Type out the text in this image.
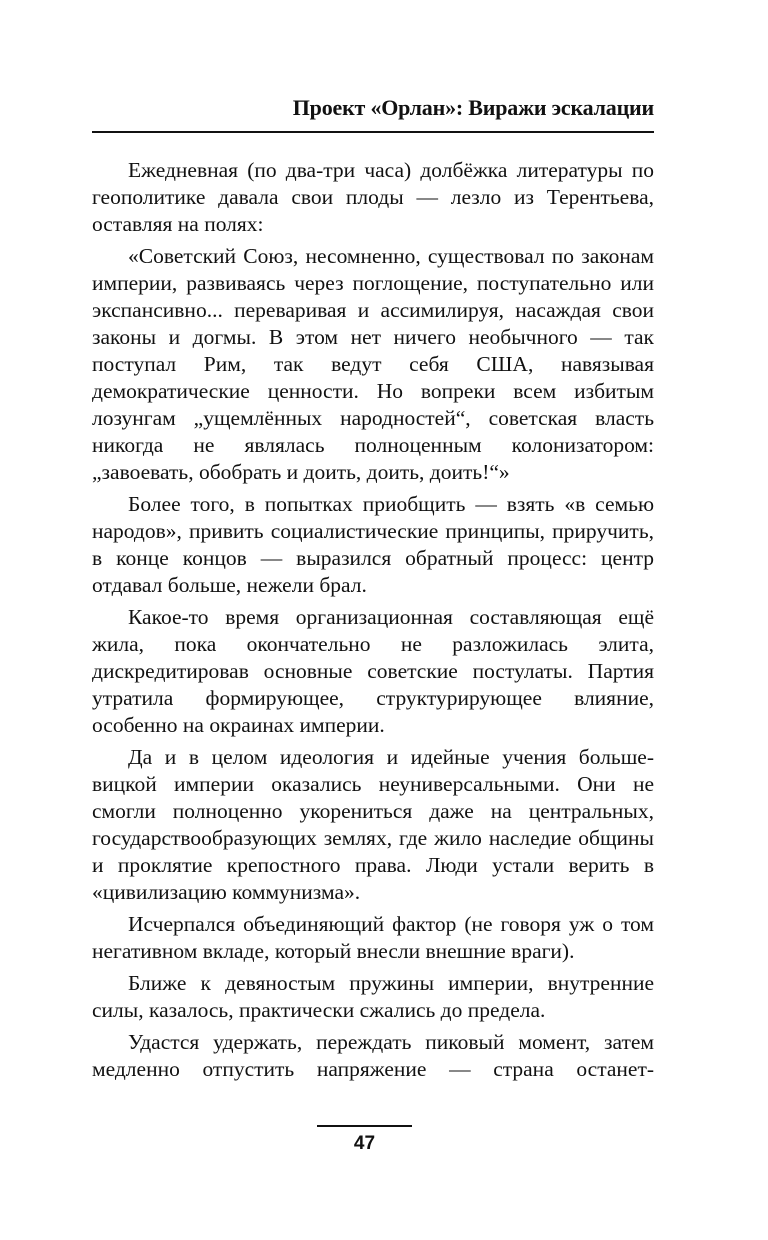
Проект «Орлан»: Виражи эскалации

Ежедневная (по два-три часа) долбёжка литературы по геополитике давала свои плоды — лезло из Терентьева, оставляя на полях:

«Советский Союз, несомненно, существовал по законам империи, развиваясь через поглощение, поступательно или экспансивно... переваривая и ассимилируя, насаждая свои законы и догмы. В этом нет ничего необычного — так поступал Рим, так ведут себя США, навязывая демократические ценности. Но вопреки всем избитым лозунгам „ущемлённых народностей“, советская власть никогда не являлась полноценным колонизатором: „завоевать, обобрать и доить, доить, доить!“»

Более того, в попытках приобщить — взять «в семью народов», привить социалистические принципы, приручить, в конце концов — выразился обратный процесс: центр отдавал больше, нежели брал.

Какое-то время организационная составляющая ещё жила, пока окончательно не разложилась элита, дискредитировав основные советские постулаты. Партия утратила формирующее, структурирующее влияние, особенно на окраинах империи.

Да и в целом идеология и идейные учения большевицкой империи оказались неуниверсальными. Они не смогли полноценно укорениться даже на центральных, государствообразующих землях, где жило наследие общины и проклятие крепостного права. Люди устали верить в «цивилизацию коммунизма».

Исчерпался объединяющий фактор (не говоря уж о том негативном вкладе, который внесли внешние враги).

Ближе к девяностым пружины империи, внутренние силы, казалось, практически сжались до предела.

Удастся удержать, переждать пиковый момент, затем медленно отпустить напряжение — страна останет-

47
